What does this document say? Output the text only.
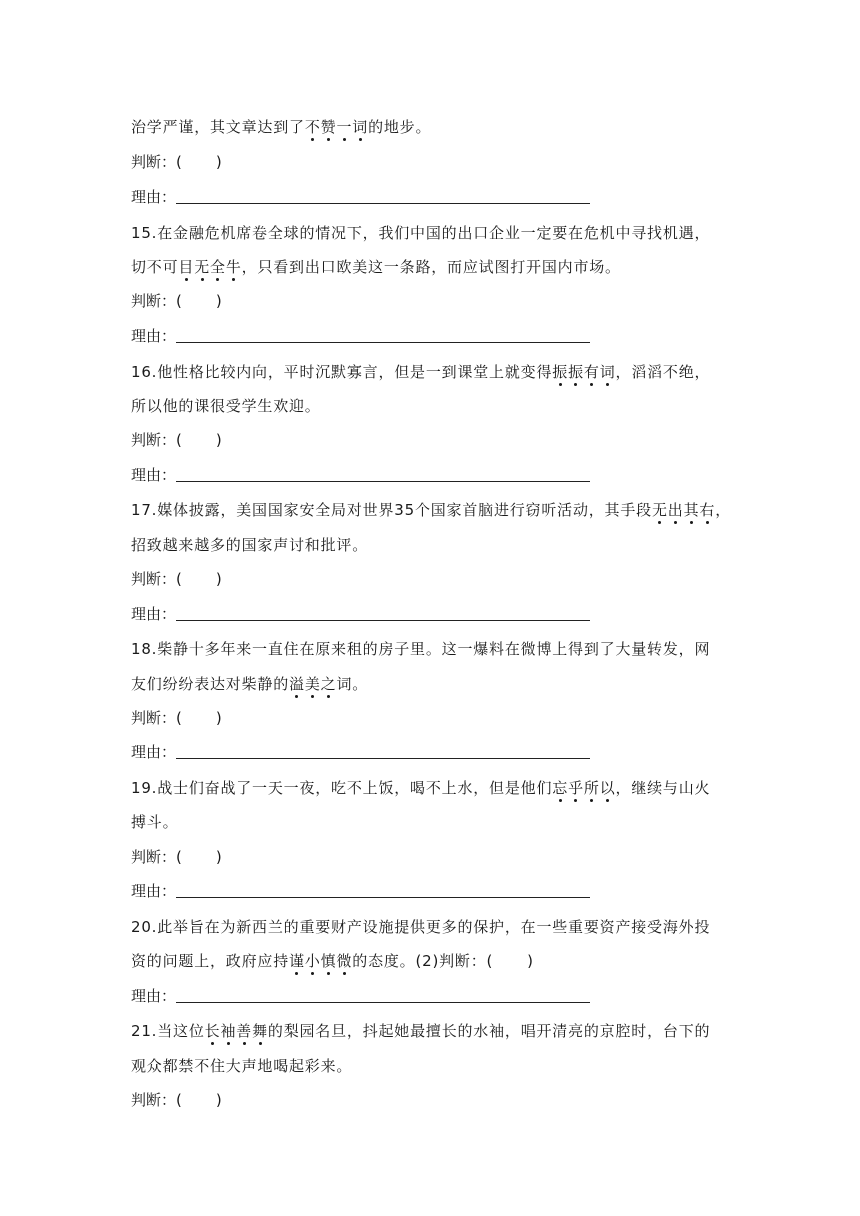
治学严谨，其文章达到了不赞一词的地步。
判断：( )
理由：
15.在金融危机席卷全球的情况下，我们中国的出口企业一定要在危机中寻找机遇，
切不可目无全牛，只看到出口欧美这一条路，而应试图打开国内市场。
判断：( )
理由：
16.他性格比较内向，平时沉默寡言，但是一到课堂上就变得振振有词，滔滔不绝，
所以他的课很受学生欢迎。
判断：( )
理由：
17.媒体披露，美国国家安全局对世界35个国家首脑进行窃听活动，其手段无出其右，
招致越来越多的国家声讨和批评。
判断：( )
理由：
18.柴静十多年来一直住在原来租的房子里。这一爆料在微博上得到了大量转发，网
友们纷纷表达对柴静的溢美之词。
判断：( )
理由：
19.战士们奋战了一天一夜，吃不上饭，喝不上水，但是他们忘乎所以，继续与山火
搏斗。
判断：( )
理由：
20.此举旨在为新西兰的重要财产设施提供更多的保护，在一些重要资产接受海外投
资的问题上，政府应持谨小慎微的态度。(2)判断：( )
理由：
21.当这位长袖善舞的梨园名旦，抖起她最擅长的水袖，唱开清亮的京腔时，台下的
观众都禁不住大声地喝起彩来。
判断：( )
